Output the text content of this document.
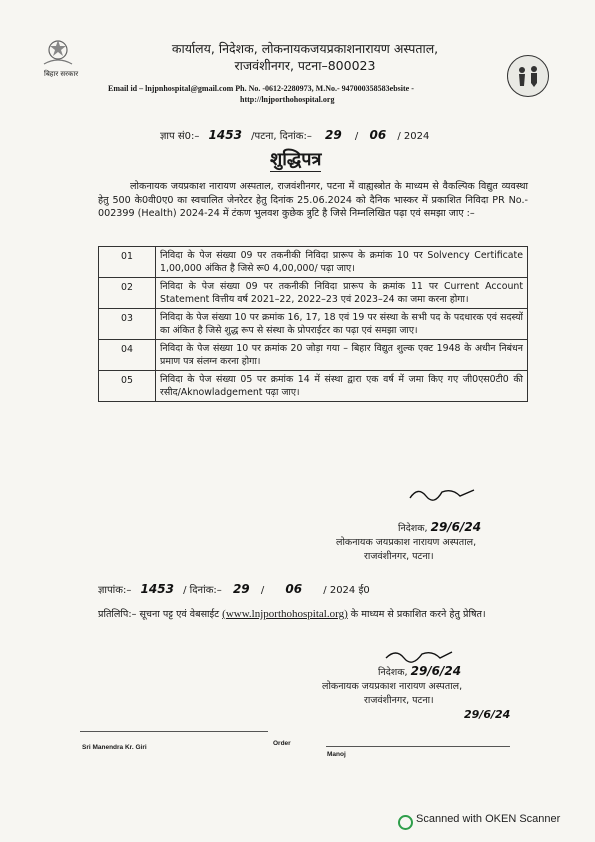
बिहार सरकार
कार्यालय, निदेशक, लोकनायकजयप्रकाशनारायण अस्पताल,
राजवंशीनगर, पटना–800023
Email id – lnjpnhospital@gmail.com Ph. No. -0612-2280973, M.No.- 947000358583ebsite -
http://lnjporthohospital.org
ज्ञाप सं0:– 1453 /पटना, दिनांक:– 29 / 06 / 2024
शुद्धिपत्र
लोकनायक जयप्रकाश नारायण अस्पताल, राजवंशीनगर, पटना में वाह्यस्त्रोत के माध्यम से वैकल्पिक विद्युत व्यवस्था हेतु 500 के0वी0ए0 का स्वचालित जेनरेटर हेतु दिनांक 25.06.2024 को दैनिक भास्कर में प्रकाशित निविदा PR No.- 002399 (Health) 2024-24 में टंकण भुलवश कुछेक त्रुटि है जिसे निम्नलिखित पढ़ा एवं समझा जाए :–
01	निविदा के पेज संख्या 09 पर तकनीकी निविदा प्रारूप के क्रमांक 10 पर Solvency Certificate 1,00,000 अंकित है जिसे रू0 4,00,000/ पढ़ा जाए।
02	निविदा के पेज संख्या 09 पर तकनीकी निविदा प्रारूप के क्रमांक 11 पर Current Account Statement वित्तीय वर्ष 2021–22, 2022–23 एवं 2023–24 का जमा करना होगा।
03	निविदा के पेज संख्या 10 पर क्रमांक 16, 17, 18 एवं 19 पर संस्था के सभी पद के पदधारक एवं सदस्यों का अंकित है जिसे शुद्ध रूप से संस्था के प्रोपराईटर का पढ़ा एवं समझा जाए।
04	निविदा के पेज संख्या 10 पर क्रमांक 20 जोड़ा गया – बिहार विद्युत शुल्क एक्ट 1948 के अधीन निबंधन प्रमाण पत्र संलग्न करना होगा।
05	निविदा के पेज संख्या 05 पर क्रमांक 14 में संस्था द्वारा एक वर्ष में जमा किए गए जी0एस0टी0 की रसीद/Aknowladgement पढ़ा जाए।
निदेशक, 29/6/24
लोकनायक जयप्रकाश नारायण अस्पताल,
राजवंशीनगर, पटना।
ज्ञापांक:– 1453 / दिनांक:– 29 / 06 / 2024 ई0
प्रतिलिपि:– सूचना पट्ट एवं वेबसाईट (www.lnjporthohospital.org) के माध्यम से प्रकाशित करने हेतु प्रेषित।
निदेशक, 29/6/24
लोकनायक जयप्रकाश नारायण अस्पताल,
राजवंशीनगर, पटना।
29/6/24
Sri Manendra Kr. Giri
Order
Manoj
Scanned with OKEN Scanner
